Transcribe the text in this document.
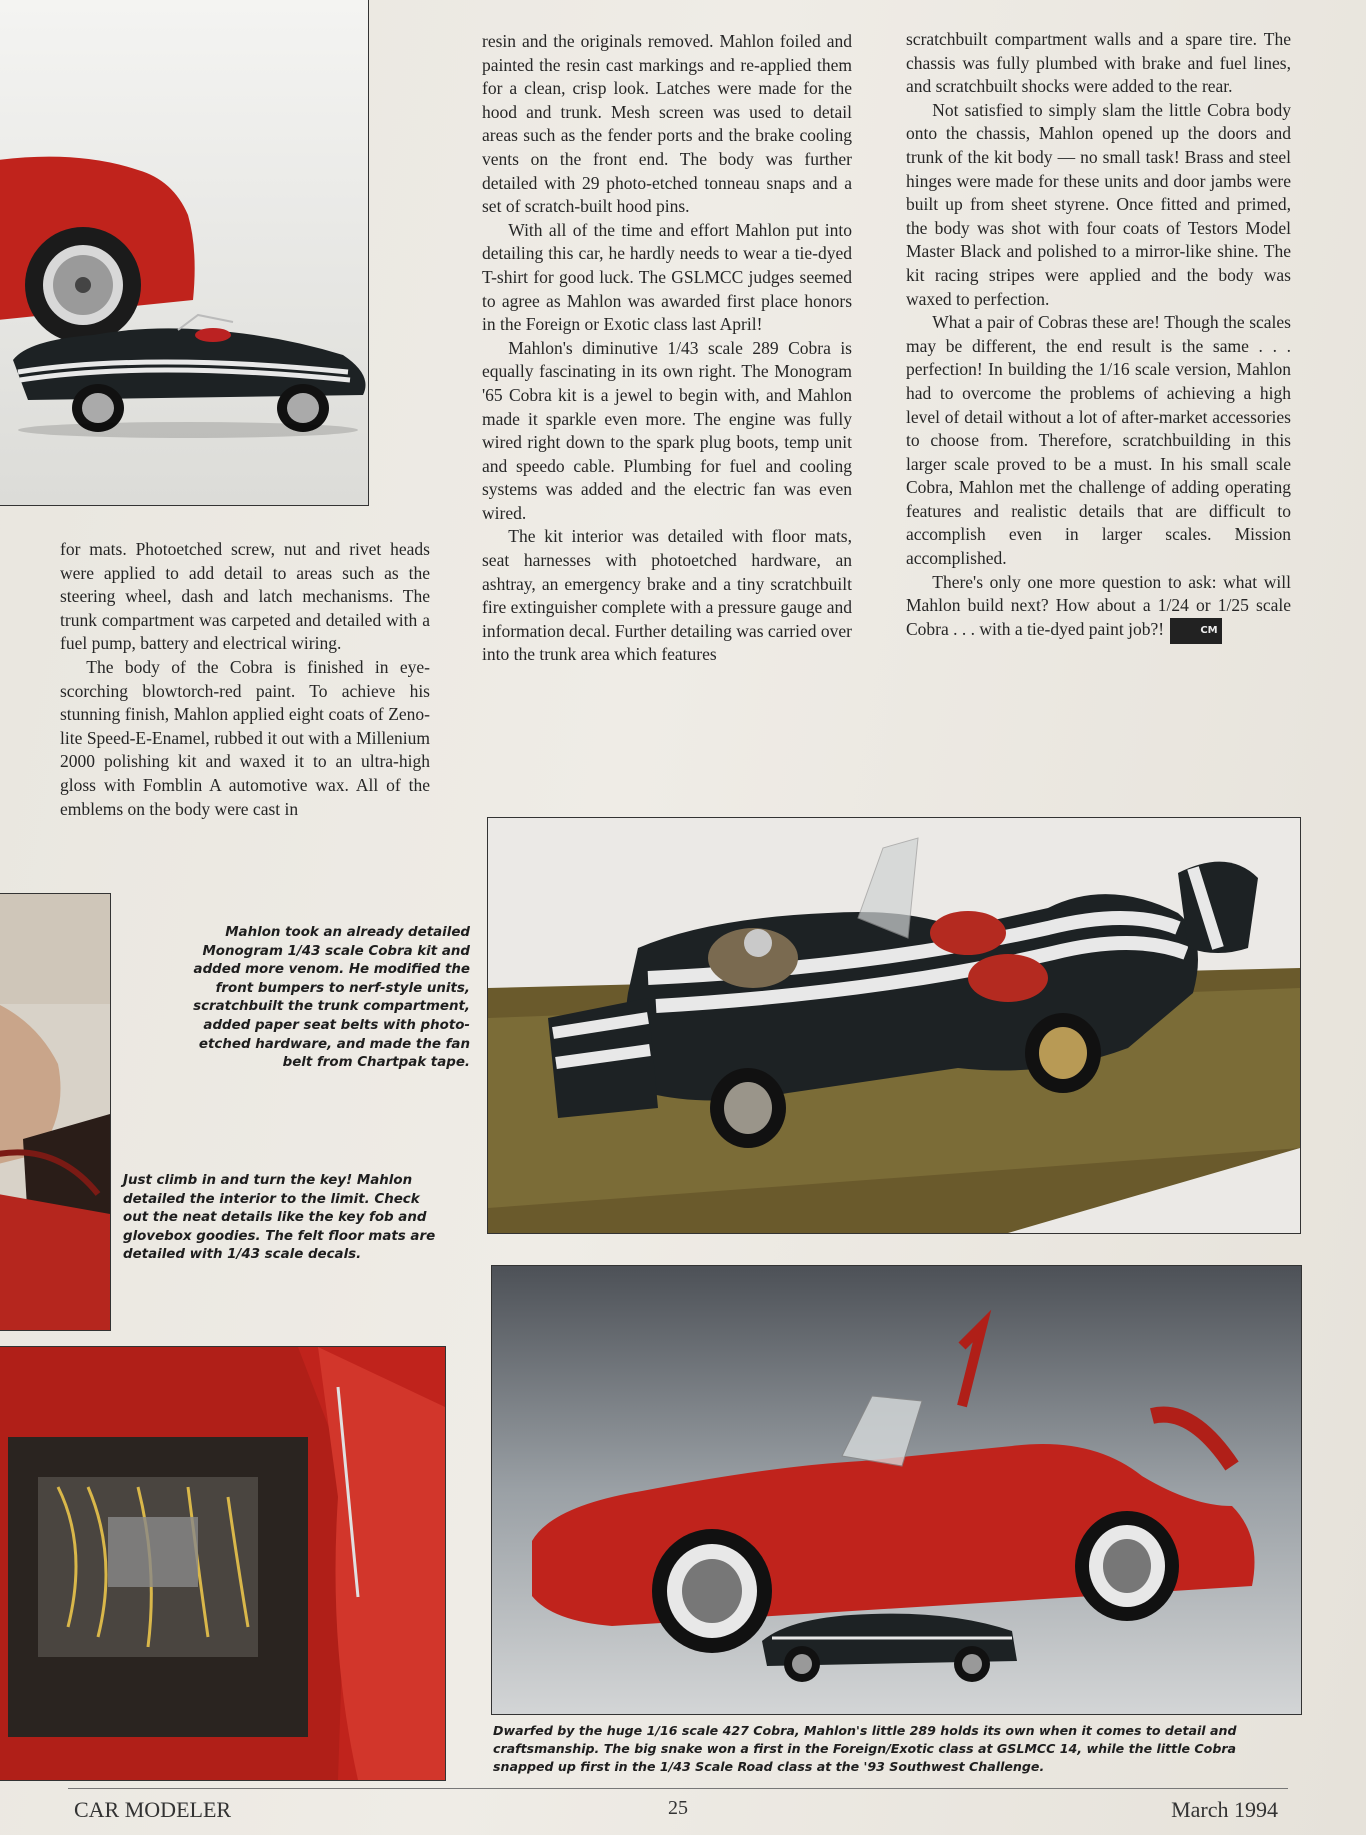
for mats. Photoetched screw, nut and rivet heads were applied to add detail to areas such as the steering wheel, dash and latch mechanisms. The trunk compartment was carpeted and detailed with a fuel pump, battery and electrical wiring.

The body of the Cobra is finished in eye-scorching blowtorch-red paint. To achieve his stunning finish, Mahlon applied eight coats of Zeno-lite Speed-E-Enamel, rubbed it out with a Millenium 2000 polishing kit and waxed it to an ultra-high gloss with Fomblin A automotive wax. All of the emblems on the body were cast in

resin and the originals removed. Mahlon foiled and painted the resin cast markings and re-applied them for a clean, crisp look. Latches were made for the hood and trunk. Mesh screen was used to detail areas such as the fender ports and the brake cooling vents on the front end. The body was further detailed with 29 photo-etched tonneau snaps and a set of scratch-built hood pins.

With all of the time and effort Mahlon put into detailing this car, he hardly needs to wear a tie-dyed T-shirt for good luck. The GSLMCC judges seemed to agree as Mahlon was awarded first place honors in the Foreign or Exotic class last April!

Mahlon's diminutive 1/43 scale 289 Cobra is equally fascinating in its own right. The Monogram '65 Cobra kit is a jewel to begin with, and Mahlon made it sparkle even more. The engine was fully wired right down to the spark plug boots, temp unit and speedo cable. Plumbing for fuel and cooling systems was added and the electric fan was even wired.

The kit interior was detailed with floor mats, seat harnesses with photoetched hardware, an ashtray, an emergency brake and a tiny scratchbuilt fire extinguisher complete with a pressure gauge and information decal. Further detailing was carried over into the trunk area which features

scratchbuilt compartment walls and a spare tire. The chassis was fully plumbed with brake and fuel lines, and scratchbuilt shocks were added to the rear.

Not satisfied to simply slam the little Cobra body onto the chassis, Mahlon opened up the doors and trunk of the kit body — no small task! Brass and steel hinges were made for these units and door jambs were built up from sheet styrene. Once fitted and primed, the body was shot with four coats of Testors Model Master Black and polished to a mirror-like shine. The kit racing stripes were applied and the body was waxed to perfection.

What a pair of Cobras these are! Though the scales may be different, the end result is the same . . . perfection! In building the 1/16 scale version, Mahlon had to overcome the problems of achieving a high level of detail without a lot of after-market accessories to choose from. Therefore, scratchbuilding in this larger scale proved to be a must. In his small scale Cobra, Mahlon met the challenge of adding operating features and realistic details that are difficult to accomplish even in larger scales. Mission accomplished.

There's only one more question to ask: what will Mahlon build next? How about a 1/24 or 1/25 scale Cobra . . . with a tie-dyed paint job?!	CM

Mahlon took an already detailed Monogram 1/43 scale Cobra kit and added more venom. He modified the front bumpers to nerf-style units, scratchbuilt the trunk compartment, added paper seat belts with photo-etched hardware, and made the fan belt from Chartpak tape.
Just climb in and turn the key! Mahlon detailed the interior to the limit. Check out the neat details like the key fob and glovebox goodies. The felt floor mats are detailed with 1/43 scale decals.
Dwarfed by the huge 1/16 scale 427 Cobra, Mahlon's little 289 holds its own when it comes to detail and craftsmanship. The big snake won a first in the Foreign/Exotic class at GSLMCC 14, while the little Cobra snapped up first in the 1/43 Scale Road class at the '93 Southwest Challenge.
CAR MODELER	25	March 1994
